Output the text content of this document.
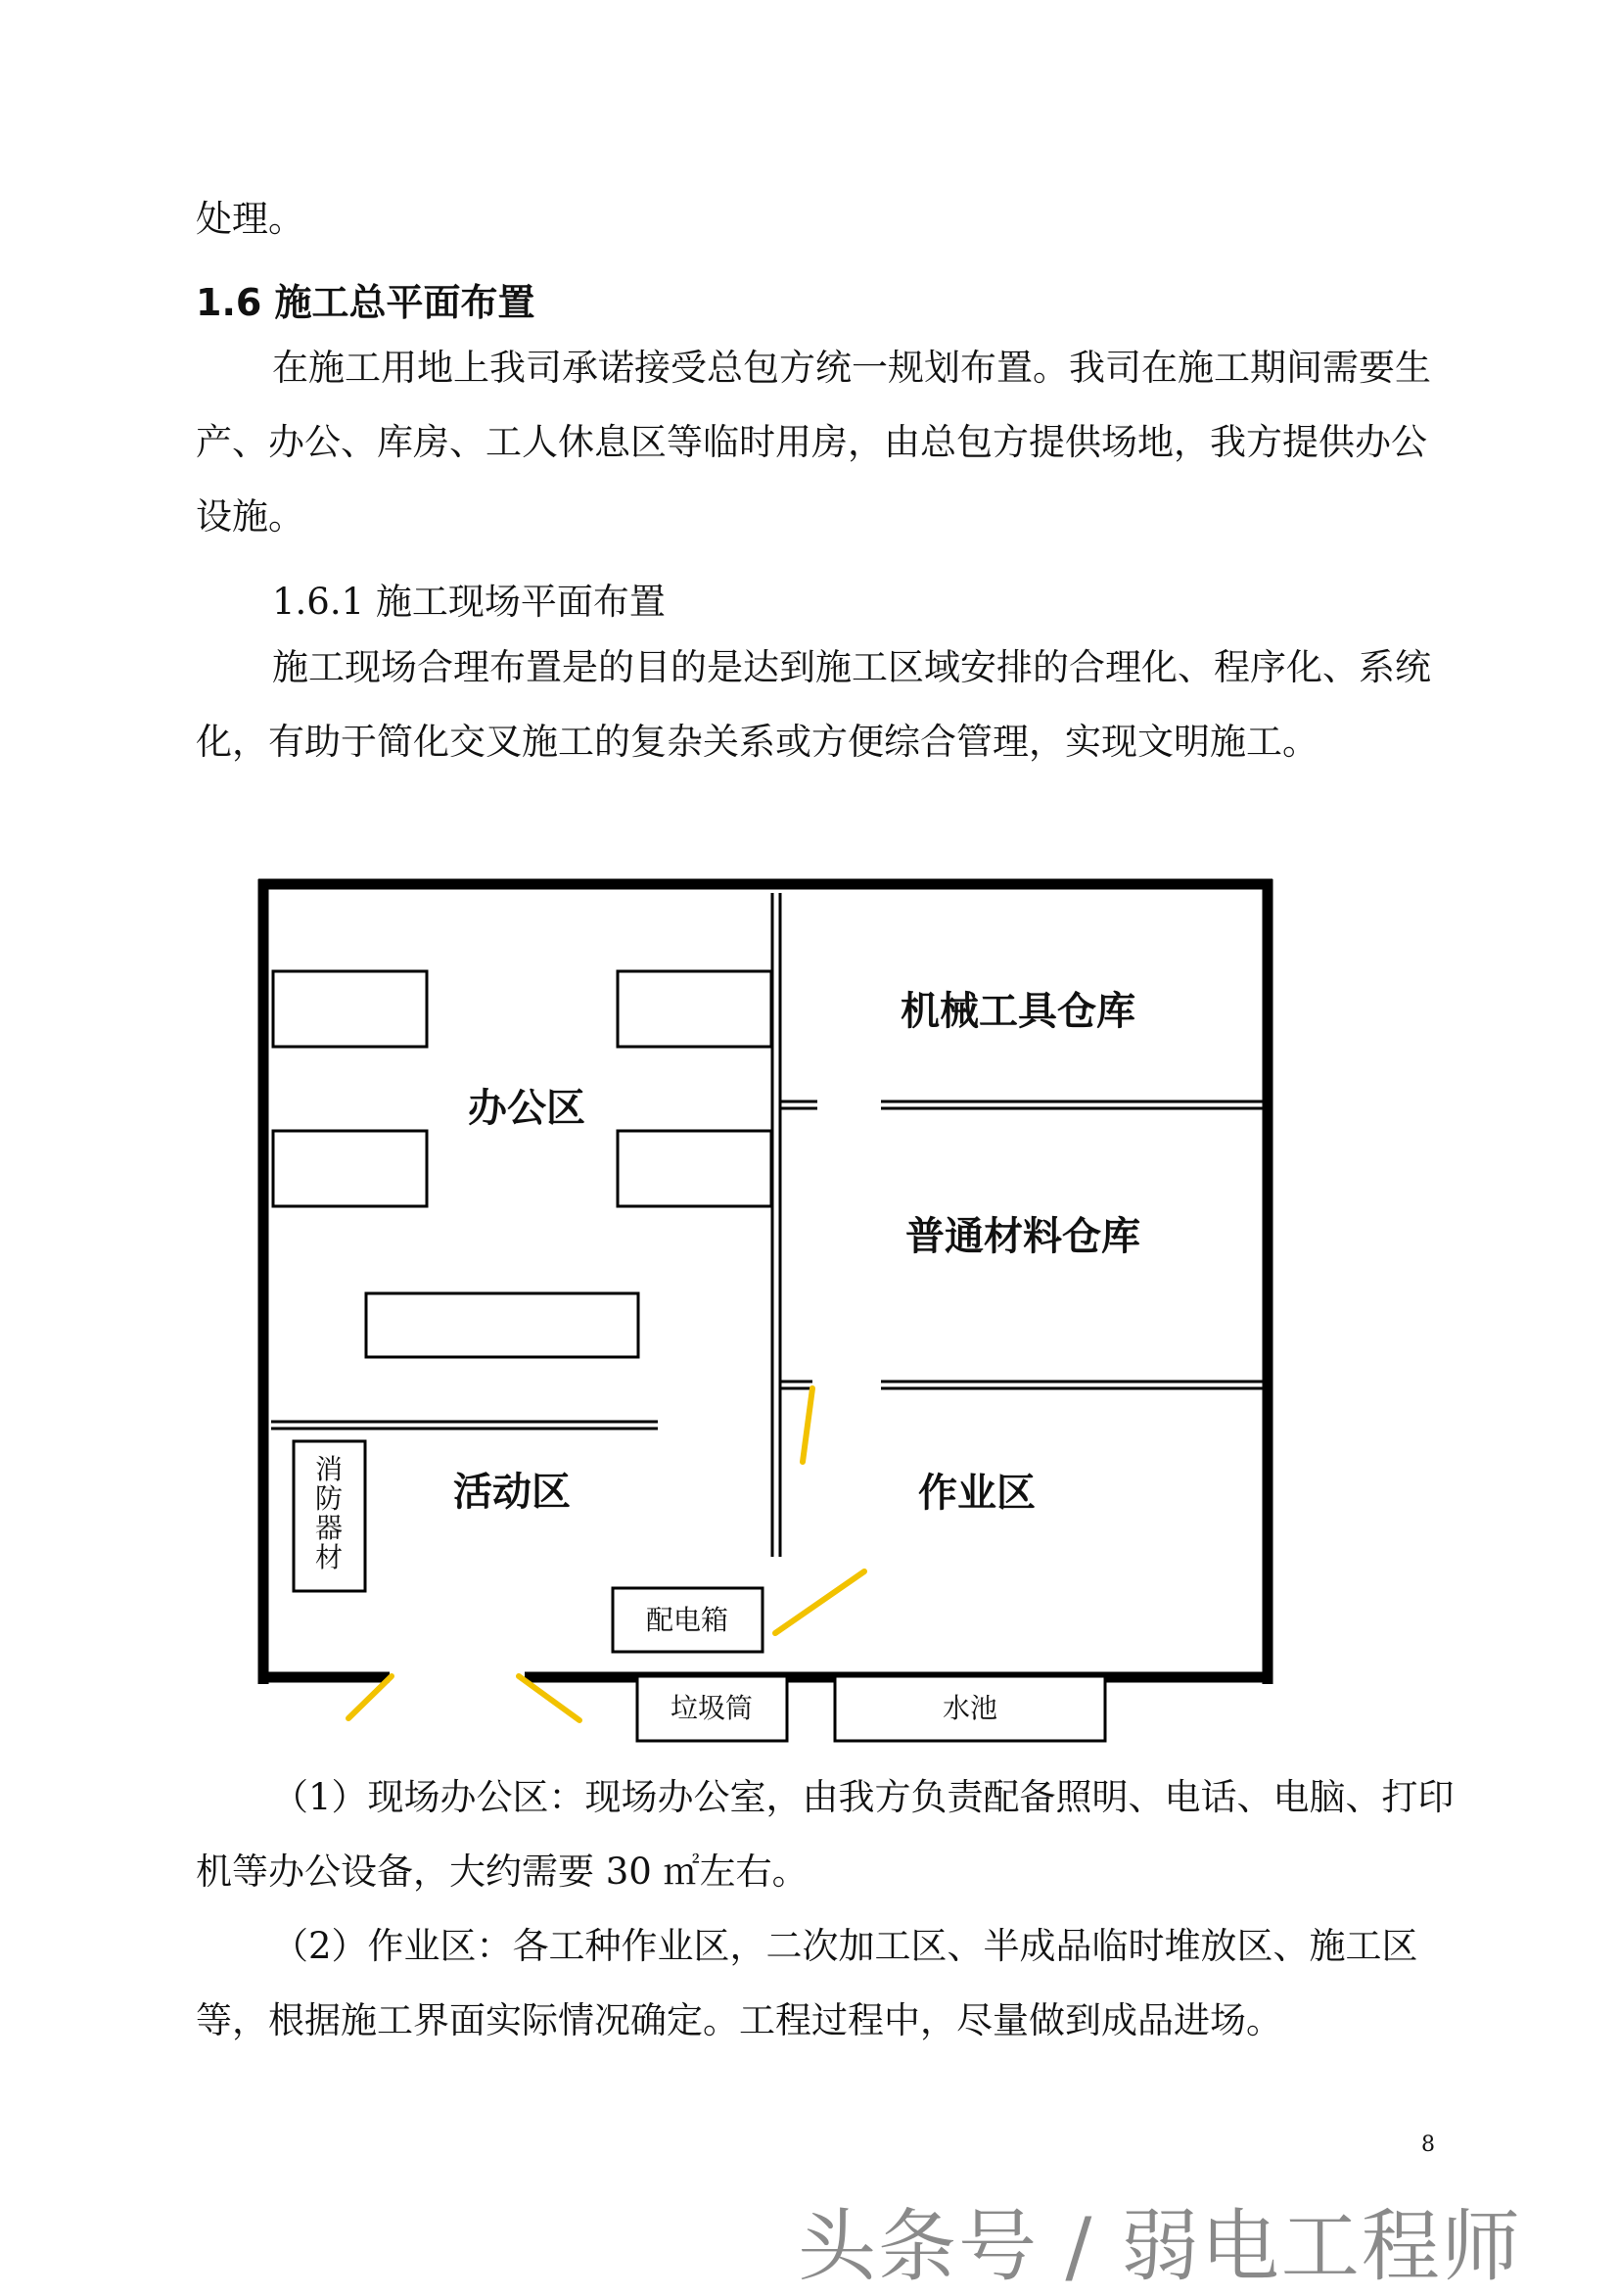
处理。

1.6 施工总平面布置

在施工用地上我司承诺接受总包方统一规划布置。我司在施工期间需要生产、办公、库房、工人休息区等临时用房，由总包方提供场地，我方提供办公设施。

1.6.1 施工现场平面布置

施工现场合理布置是的目的是达到施工区域安排的合理化、程序化、系统化，有助于简化交叉施工的复杂关系或方便综合管理，实现文明施工。

消
防
器
材
配电箱
垃圾筒	水池
办公区
活动区
机械工具仓库
普通材料仓库
作业区

（1）现场办公区：现场办公室，由我方负责配备照明、电话、电脑、打印机等办公设备，大约需要 30 ㎡左右。

（2）作业区：各工种作业区，二次加工区、半成品临时堆放区、施工区等，根据施工界面实际情况确定。工程过程中，尽量做到成品进场。

8
头条号 / 弱电工程师
